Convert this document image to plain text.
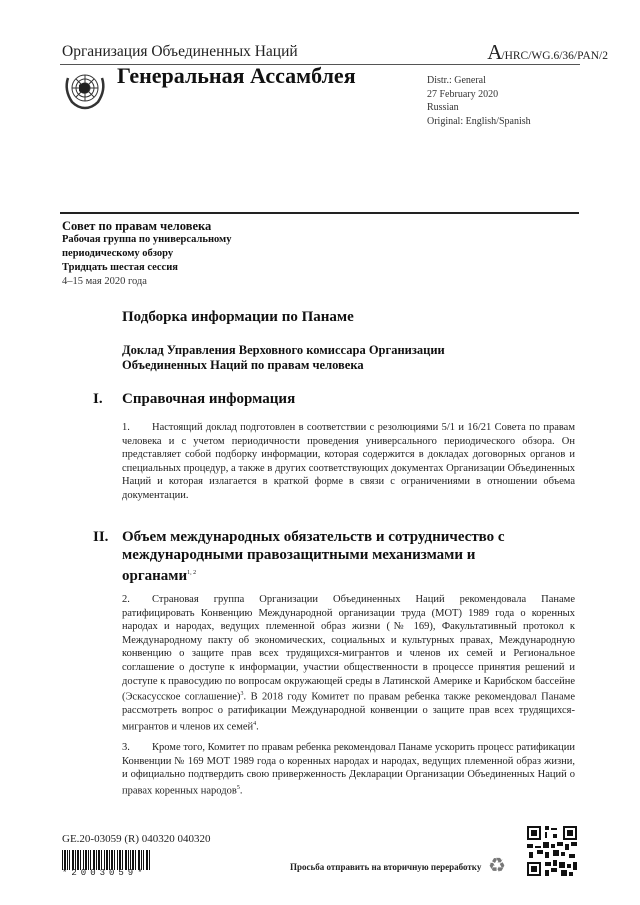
Организация Объединенных Наций	A/HRC/WG.6/36/PAN/2
Генеральная Ассамблея	Distr.: General
27 February 2020
Russian
Original: English/Spanish
Совет по правам человека
Рабочая группа по универсальному
периодическому обзору
Тридцать шестая сессия
4–15 мая 2020 года
Подборка информации по Панаме
Доклад Управления Верховного комиссара Организации Объединенных Наций по правам человека
I. Справочная информация
1. Настоящий доклад подготовлен в соответствии с резолюциями 5/1 и 16/21 Совета по правам человека и с учетом периодичности проведения универсального периодического обзора. Он представляет собой подборку информации, которая содержится в докладах договорных органов и специальных процедур, а также в других соответствующих документах Организации Объединенных Наций и которая излагается в краткой форме в связи с ограничениями в отношении объема документации.
II. Объем международных обязательств и сотрудничество с международными правозащитными механизмами и органами$^{1, 2}$
2. Страновая группа Организации Объединенных Наций рекомендовала Панаме ратифицировать Конвенцию Международной организации труда (МОТ) 1989 года о коренных народах и народах, ведущих племенной образ жизни (№ 169), Факультативный протокол к Международному пакту об экономических, социальных и культурных правах, Международную конвенцию о защите прав всех трудящихся-мигрантов и членов их семей и Региональное соглашение о доступе к информации, участии общественности в процессе принятия решений и доступе к правосудию по вопросам окружающей среды в Латинской Америке и Карибском бассейне (Эскасусское соглашение)$^3$. В 2018 году Комитет по правам ребенка также рекомендовал Панаме рассмотреть вопрос о ратификации Международной конвенции о защите прав всех трудящихся-мигрантов и членов их семей$^4$.
3. Кроме того, Комитет по правам ребенка рекомендовал Панаме ускорить процесс ратификации Конвенции № 169 МОТ 1989 года о коренных народах и народах, ведущих племенной образ жизни, и официально подтвердить свою приверженность Декларации Организации Объединенных Наций о правах коренных народов$^5$.
GE.20-03059 (R) 040320 040320
*2003059*
Просьба отправить на вторичную переработку ♻
